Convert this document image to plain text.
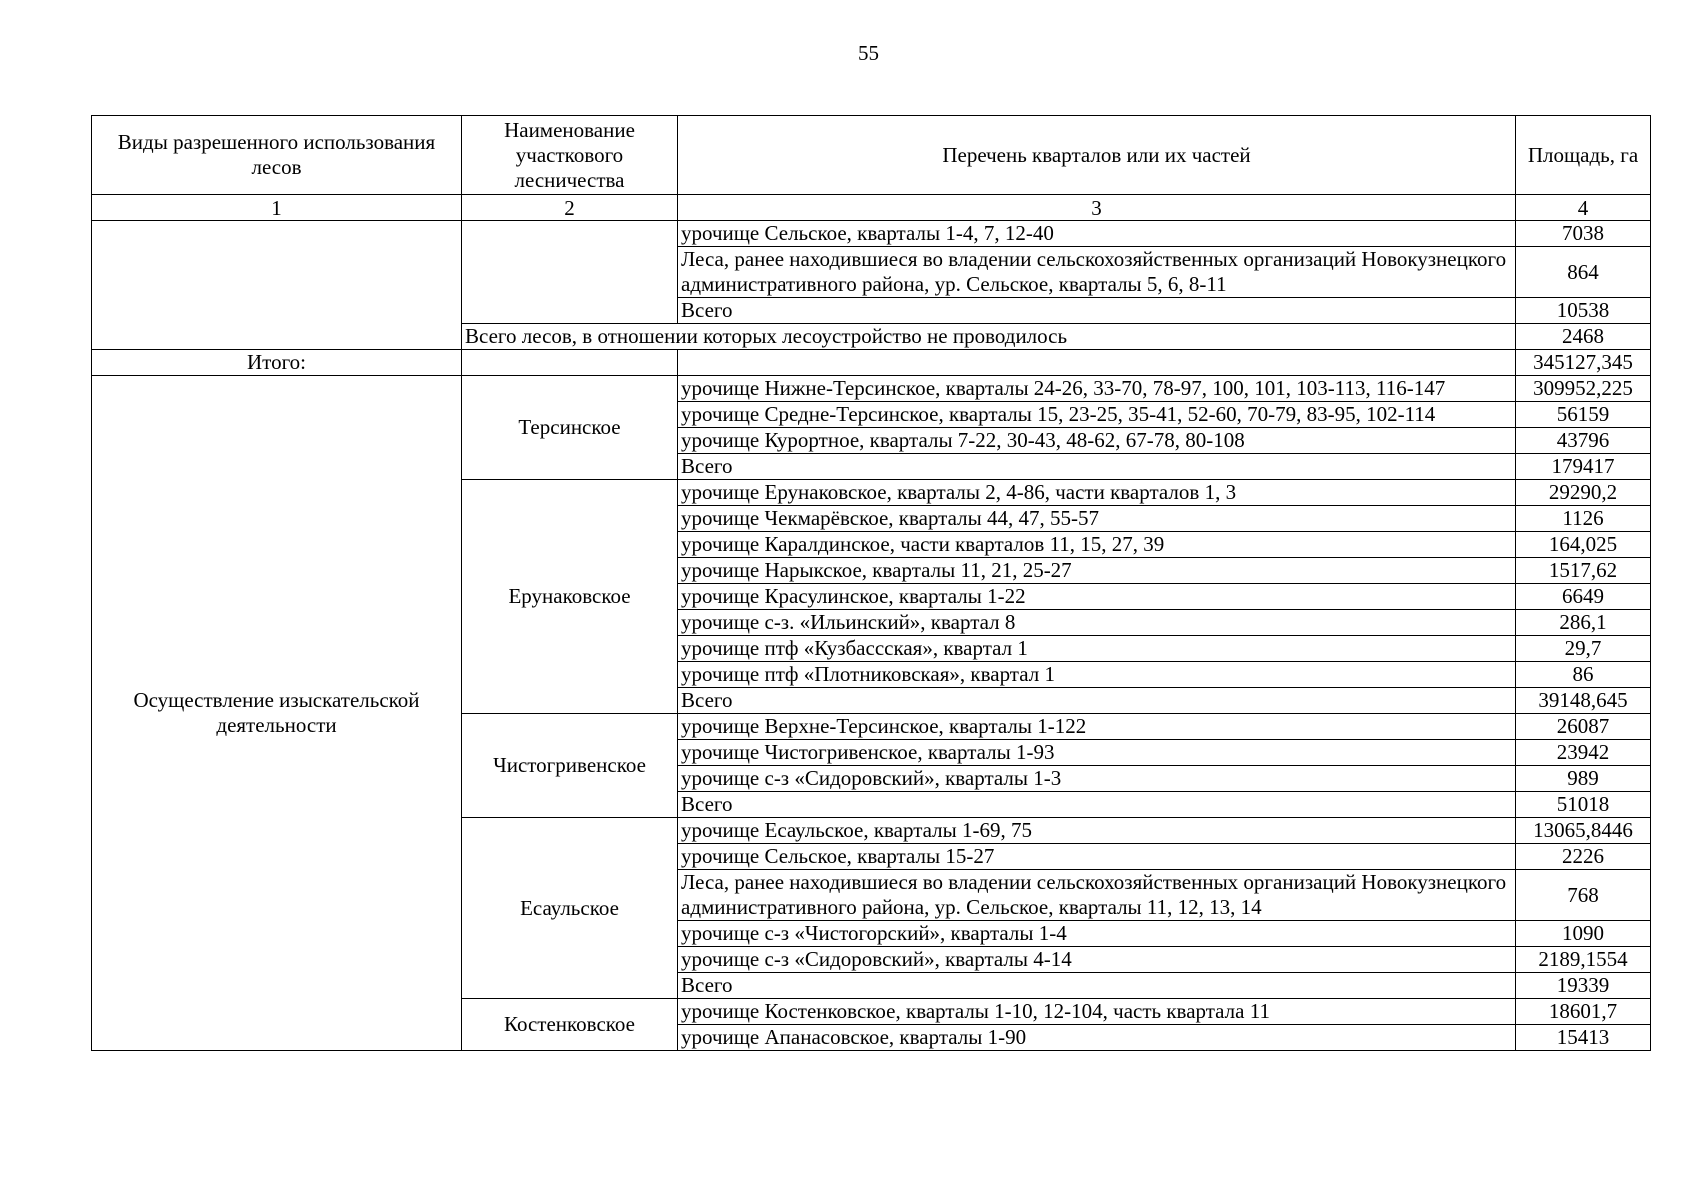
55
Виды разрешенного использования лесов	Наименование участкового лесничества	Перечень кварталов или их частей	Площадь, га
1	2	3	4
		урочище Сельское, кварталы 1-4, 7, 12-40	7038
		Леса, ранее находившиеся во владении сельскохозяйственных организаций Новокузнецкого административного района, ур. Сельское, кварталы 5, 6, 8-11	864
		Всего	10538
	Всего лесов, в отношении которых лесоустройство не проводилось		2468
Итого:			345127,345
Осуществление изыскательской деятельности	Терсинское	урочище Нижне-Терсинское, кварталы 24-26, 33-70, 78-97, 100, 101, 103-113, 116-147	309952,225
		урочище Средне-Терсинское, кварталы 15, 23-25, 35-41, 52-60, 70-79, 83-95, 102-114	56159
		урочище Курортное, кварталы 7-22, 30-43, 48-62, 67-78, 80-108	43796
		Всего	179417
	Ерунаковское	урочище Ерунаковское, кварталы 2, 4-86, части кварталов 1, 3	29290,2
		урочище Чекмарёвское, кварталы 44, 47, 55-57	1126
		урочище Каралдинское, части кварталов 11, 15, 27, 39	164,025
		урочище Нарыкское, кварталы 11, 21, 25-27	1517,62
		урочище Красулинское, кварталы 1-22	6649
		урочище с-з. «Ильинский», квартал 8	286,1
		урочище птф «Кузбассская», квартал 1	29,7
		урочище птф «Плотниковская», квартал 1	86
		Всего	39148,645
	Чистогривенское	урочище Верхне-Терсинское, кварталы 1-122	26087
		урочище Чистогривенское, кварталы 1-93	23942
		урочище с-з «Сидоровский», кварталы 1-3	989
		Всего	51018
	Есаульское	урочище Есаульское, кварталы 1-69, 75	13065,8446
		урочище Сельское, кварталы 15-27	2226
		Леса, ранее находившиеся во владении сельскохозяйственных организаций Новокузнецкого административного района, ур. Сельское, кварталы 11, 12, 13, 14	768
		урочище с-з «Чистогорский», кварталы 1-4	1090
		урочище с-з «Сидоровский», кварталы 4-14	2189,1554
		Всего	19339
	Костенковское	урочище Костенковское, кварталы 1-10, 12-104, часть квартала 11	18601,7
		урочище Апанасовское, кварталы 1-90	15413
